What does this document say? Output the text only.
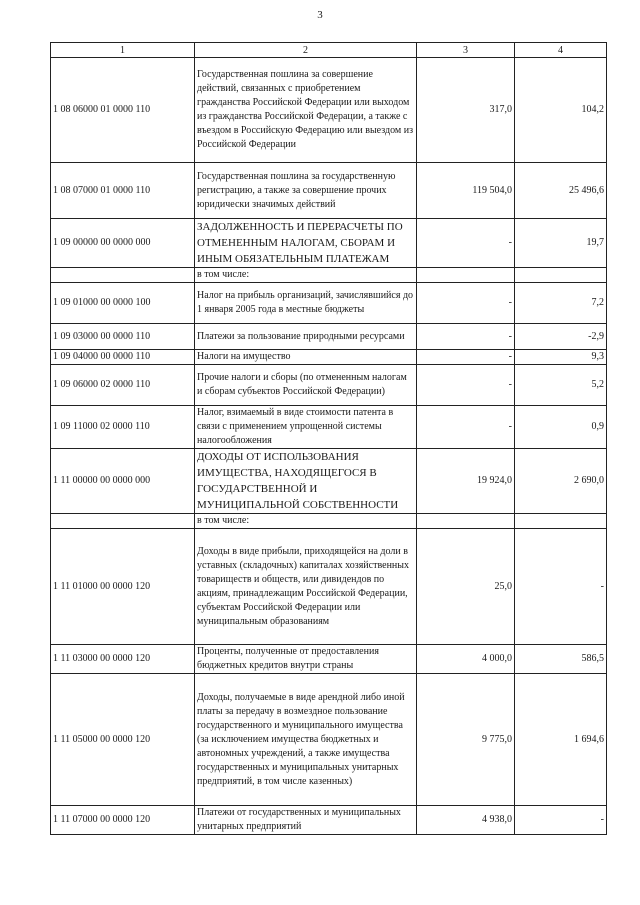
3
1	2	3	4
1 08 06000 01 0000 110	Государственная пошлина за совершение действий, связанных с приобретением гражданства Российской Федерации или выходом из гражданства Российской Федерации, а также с въездом в Российскую Федерацию или выездом из Российской Федерации	317,0	104,2
1 08 07000 01 0000 110	Государственная пошлина за государственную регистрацию, а также за совершение прочих юридически значимых действий	119 504,0	25 496,6
1 09 00000 00 0000 000	ЗАДОЛЖЕННОСТЬ И ПЕРЕРАСЧЕТЫ ПО ОТМЕНЕННЫМ НАЛОГАМ, СБОРАМ И ИНЫМ ОБЯЗАТЕЛЬНЫМ ПЛАТЕЖАМ	-	19,7
	в том числе:		
1 09 01000 00 0000 100	Налог на прибыль организаций, зачислявшийся до 1 января 2005 года в местные бюджеты	-	7,2
1 09 03000 00 0000 110	Платежи за пользование природными ресурсами	-	-2,9
1 09 04000 00 0000 110	Налоги на имущество	-	9,3
1 09 06000 02 0000 110	Прочие налоги и сборы (по отмененным налогам и сборам субъектов Российской Федерации)	-	5,2
1 09 11000 02 0000 110	Налог, взимаемый в виде стоимости патента в связи с применением упрощенной системы налогообложения	-	0,9
1 11 00000 00 0000 000	ДОХОДЫ ОТ ИСПОЛЬЗОВАНИЯ ИМУЩЕСТВА, НАХОДЯЩЕГОСЯ В ГОСУДАРСТВЕННОЙ И МУНИЦИПАЛЬНОЙ СОБСТВЕННОСТИ	19 924,0	2 690,0
	в том числе:		
1 11 01000 00 0000 120	Доходы в виде прибыли, приходящейся на доли в уставных (складочных) капиталах хозяйственных товариществ и обществ, или дивидендов по акциям, принадлежащим Российской Федерации, субъектам Российской Федерации или муниципальным образованиям	25,0	-
1 11 03000 00 0000 120	Проценты, полученные от предоставления бюджетных кредитов внутри страны	4 000,0	586,5
1 11 05000 00 0000 120	Доходы, получаемые в виде арендной либо иной платы за передачу в возмездное пользование государственного и муниципального имущества (за исключением имущества бюджетных и автономных учреждений, а также имущества государственных и муниципальных унитарных предприятий, в том числе казенных)	9 775,0	1 694,6
1 11 07000 00 0000 120	Платежи от государственных и муниципальных унитарных предприятий	4 938,0	-
